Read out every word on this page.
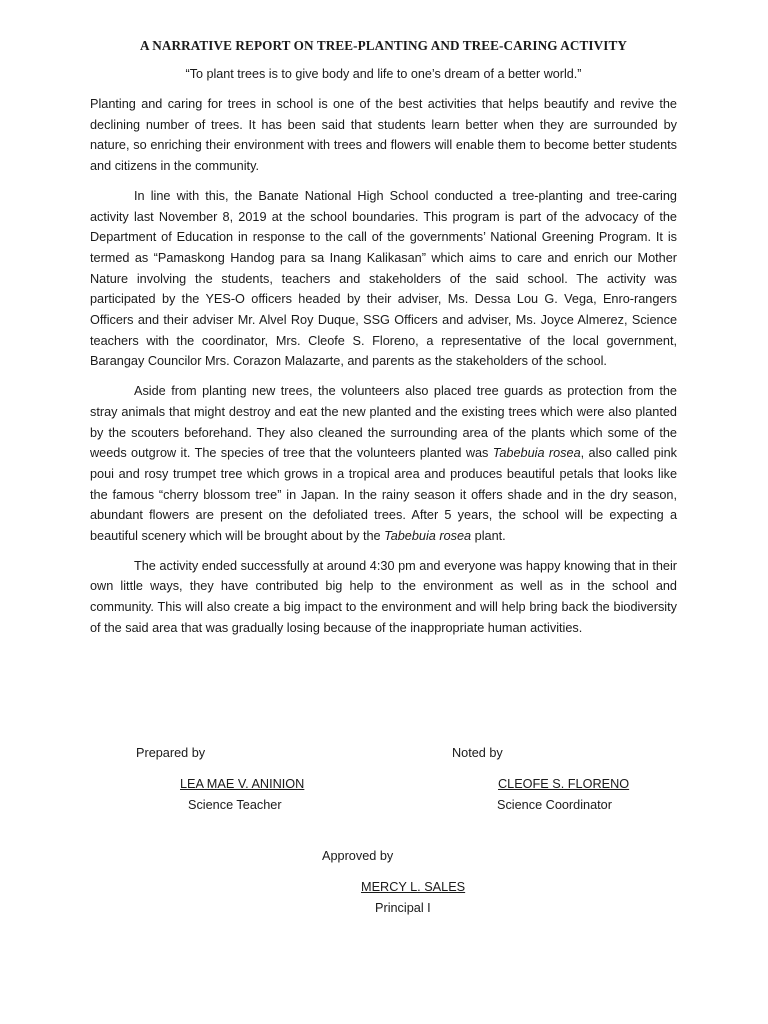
A NARRATIVE REPORT ON TREE-PLANTING AND TREE-CARING ACTIVITY

“To plant trees is to give body and life to one’s dream of a better world.”

Planting and caring for trees in school is one of the best activities that helps beautify and revive the declining number of trees. It has been said that students learn better when they are surrounded by nature, so enriching their environment with trees and flowers will enable them to become better students and citizens in the community.

In line with this, the Banate National High School conducted a tree-planting and tree-caring activity last November 8, 2019 at the school boundaries. This program is part of the advocacy of the Department of Education in response to the call of the governments’ National Greening Program. It is termed as “Pamaskong Handog para sa Inang Kalikasan” which aims to care and enrich our Mother Nature involving the students, teachers and stakeholders of the said school. The activity was participated by the YES-O officers headed by their adviser, Ms. Dessa Lou G. Vega, Enro-rangers Officers and their adviser Mr. Alvel Roy Duque, SSG Officers and adviser, Ms. Joyce Almerez, Science teachers with the coordinator, Mrs. Cleofe S. Floreno, a representative of the local government, Barangay Councilor Mrs. Corazon Malazarte, and parents as the stakeholders of the school.

Aside from planting new trees, the volunteers also placed tree guards as protection from the stray animals that might destroy and eat the new planted and the existing trees which were also planted by the scouters beforehand. They also cleaned the surrounding area of the plants which some of the weeds outgrow it. The species of tree that the volunteers planted was Tabebuia rosea, also called pink poui and rosy trumpet tree which grows in a tropical area and produces beautiful petals that looks like the famous “cherry blossom tree” in Japan. In the rainy season it offers shade and in the dry season, abundant flowers are present on the defoliated trees. After 5 years, the school will be expecting a beautiful scenery which will be brought about by the Tabebuia rosea plant.

The activity ended successfully at around 4:30 pm and everyone was happy knowing that in their own little ways, they have contributed big help to the environment as well as in the school and community. This will also create a big impact to the environment and will help bring back the biodiversity of the said area that was gradually losing because of the inappropriate human activities.

Prepared by
LEA MAE V. ANINION
Science Teacher
Noted by
CLEOFE S. FLORENO
Science Coordinator
Approved by
MERCY L. SALES
Principal I
